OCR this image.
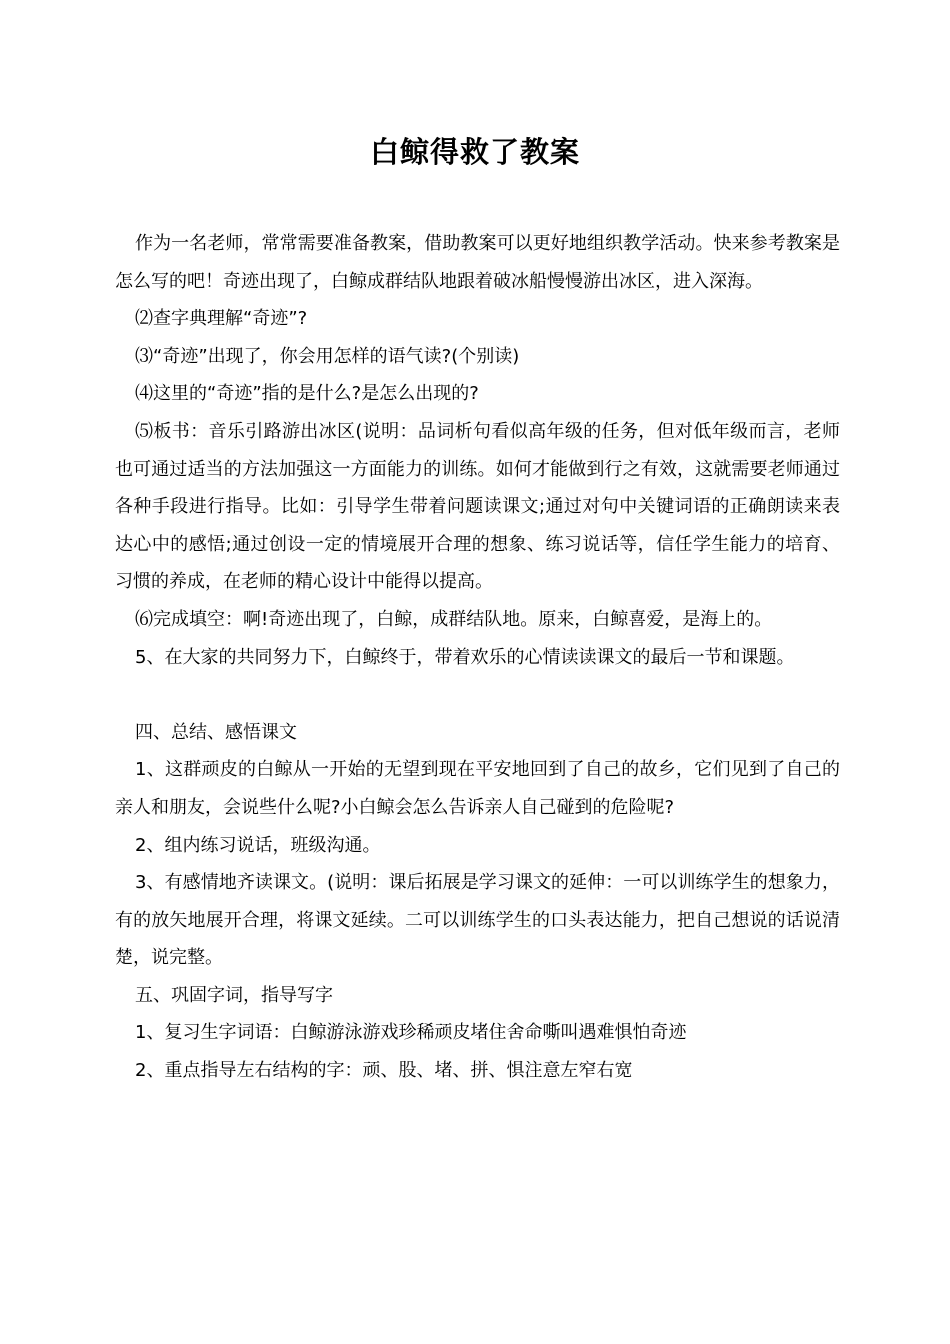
白鲸得救了教案

作为一名老师，常常需要准备教案，借助教案可以更好地组织教学活动。快来参考教案是怎么写的吧！奇迹出现了，白鲸成群结队地跟着破冰船慢慢游出冰区，进入深海。

⑵查字典理解“奇迹”?

⑶“奇迹”出现了，你会用怎样的语气读?(个别读)

⑷这里的“奇迹”指的是什么?是怎么出现的?

⑸板书：音乐引路游出冰区(说明：品词析句看似高年级的任务，但对低年级而言，老师也可通过适当的方法加强这一方面能力的训练。如何才能做到行之有效，这就需要老师通过各种手段进行指导。比如：引导学生带着问题读课文;通过对句中关键词语的正确朗读来表达心中的感悟;通过创设一定的情境展开合理的想象、练习说话等，信任学生能力的培育、习惯的养成，在老师的精心设计中能得以提高。

⑹完成填空：啊!奇迹出现了，白鲸，成群结队地。原来，白鲸喜爱，是海上的。

5、在大家的共同努力下，白鲸终于，带着欢乐的心情读读课文的最后一节和课题。

四、总结、感悟课文

1、这群顽皮的白鲸从一开始的无望到现在平安地回到了自己的故乡，它们见到了自己的亲人和朋友，会说些什么呢?小白鲸会怎么告诉亲人自己碰到的危险呢?

2、组内练习说话，班级沟通。

3、有感情地齐读课文。(说明：课后拓展是学习课文的延伸：一可以训练学生的想象力，有的放矢地展开合理，将课文延续。二可以训练学生的口头表达能力，把自己想说的话说清楚，说完整。

五、巩固字词，指导写字

1、复习生字词语：白鲸游泳游戏珍稀顽皮堵住舍命嘶叫遇难惧怕奇迹

2、重点指导左右结构的字：顽、股、堵、拼、惧注意左窄右宽
